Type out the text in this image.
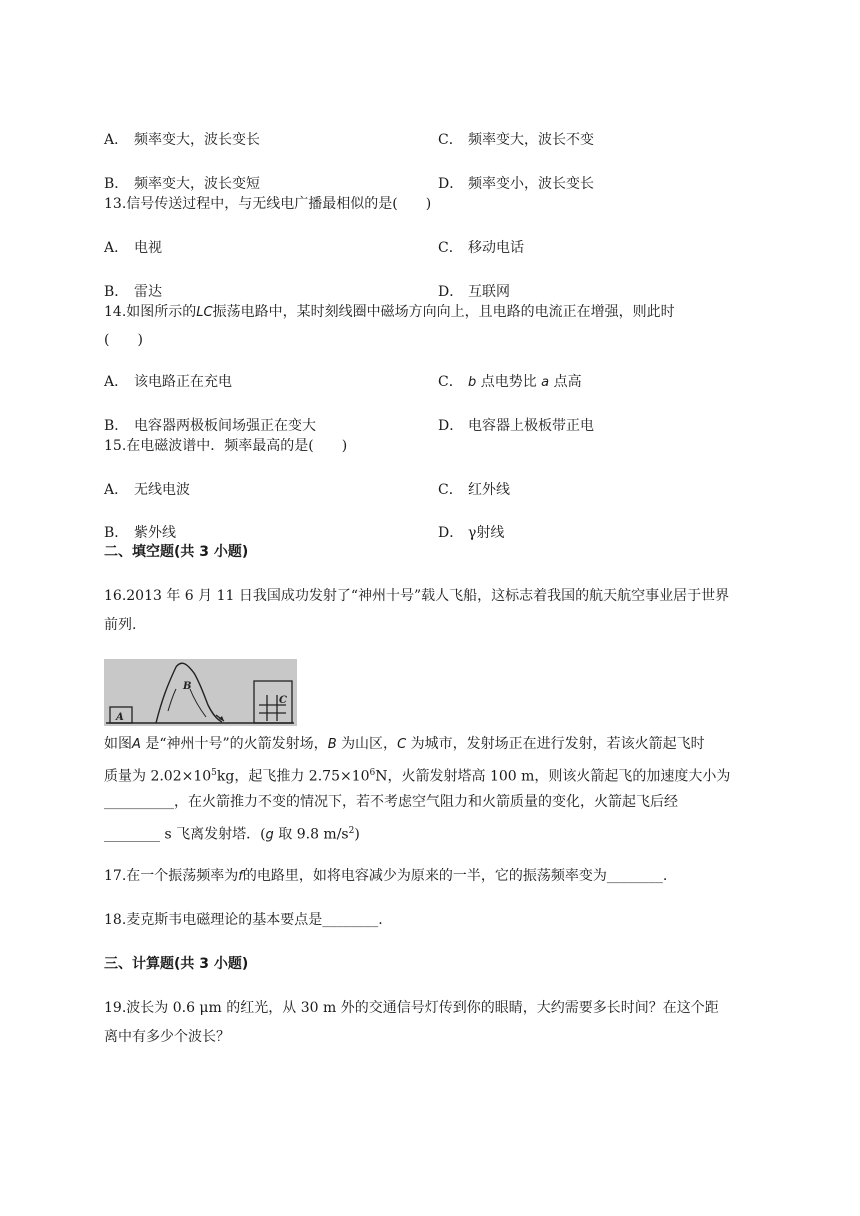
A． 频率变大，波长变长	C． 频率变大，波长不变
B． 频率变大，波长变短	D． 频率变小，波长变长
13.信号传送过程中，与无线电广播最相似的是(　　)
A． 电视	C． 移动电话
B． 雷达	D． 互联网
14.如图所示的LC振荡电路中，某时刻线圈中磁场方向向上，且电路的电流正在增强，则此时
(　　)
A． 该电路正在充电	C． b 点电势比 a 点高
B． 电容器两极板间场强正在变大	D． 电容器上极板带正电
15.在电磁波谱中．频率最高的是(　　)
A． 无线电波	C． 红外线
B． 紫外线	D． γ射线
二、填空题(共 3 小题)
16.2013 年 6 月 11 日我国成功发射了“神州十号”载人飞船，这标志着我国的航天航空事业居于世界
前列.
A
B
C
如图A 是“神州十号”的火箭发射场，B 为山区，C 为城市，发射场正在进行发射，若该火箭起飞时
质量为 $2.02\times 10^5kg$，起飞推力 $2.75\times 10^6N$，火箭发射塔高 100 m，则该火箭起飞的加速度大小为
__________，在火箭推力不变的情况下，若不考虑空气阻力和火箭质量的变化，火箭起飞后经
________ s 飞离发射塔．(g 取 9.8 $m/s^2$)
17.在一个振荡频率为f的电路里，如将电容减少为原来的一半，它的振荡频率变为________.
18.麦克斯韦电磁理论的基本要点是________.
三、计算题(共 3 小题)
19.波长为 0.6 μm 的红光，从 30 m 外的交通信号灯传到你的眼睛，大约需要多长时间？在这个距
离中有多少个波长？
